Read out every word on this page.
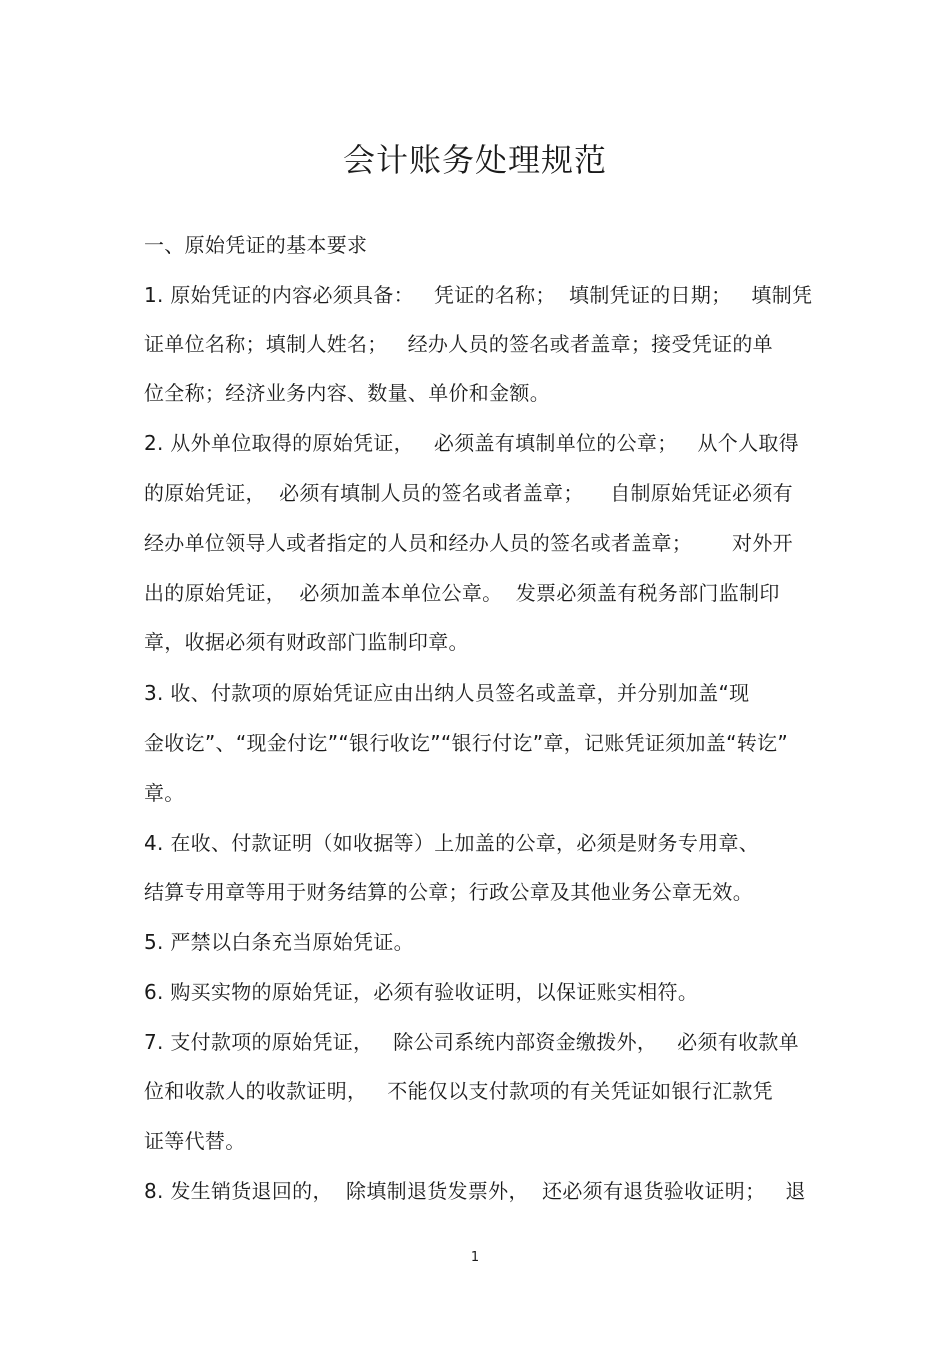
会计账务处理规范
一、原始凭证的基本要求
1. 原始凭证的内容必须具备：   凭证的名称；  填制凭证的日期；   填制凭
证单位名称；填制人姓名；   经办人员的签名或者盖章；接受凭证的单
位全称；经济业务内容、数量、单价和金额。
2. 从外单位取得的原始凭证，   必须盖有填制单位的公章；   从个人取得
的原始凭证，  必须有填制人员的签名或者盖章；    自制原始凭证必须有
经办单位领导人或者指定的人员和经办人员的签名或者盖章；      对外开
出的原始凭证，  必须加盖本单位公章。  发票必须盖有税务部门监制印
章，收据必须有财政部门监制印章。
3. 收、付款项的原始凭证应由出纳人员签名或盖章，并分别加盖“现
金收讫”、“现金付讫”“银行收讫”“银行付讫”章，记账凭证须加盖“转讫”
章。
4. 在收、付款证明（如收据等）上加盖的公章，必须是财务专用章、
结算专用章等用于财务结算的公章；行政公章及其他业务公章无效。
5. 严禁以白条充当原始凭证。
6. 购买实物的原始凭证，必须有验收证明，以保证账实相符。
7. 支付款项的原始凭证，   除公司系统内部资金缴拨外，   必须有收款单
位和收款人的收款证明，   不能仅以支付款项的有关凭证如银行汇款凭
证等代替。
8. 发生销货退回的，  除填制退货发票外，  还必须有退货验收证明；   退
1
